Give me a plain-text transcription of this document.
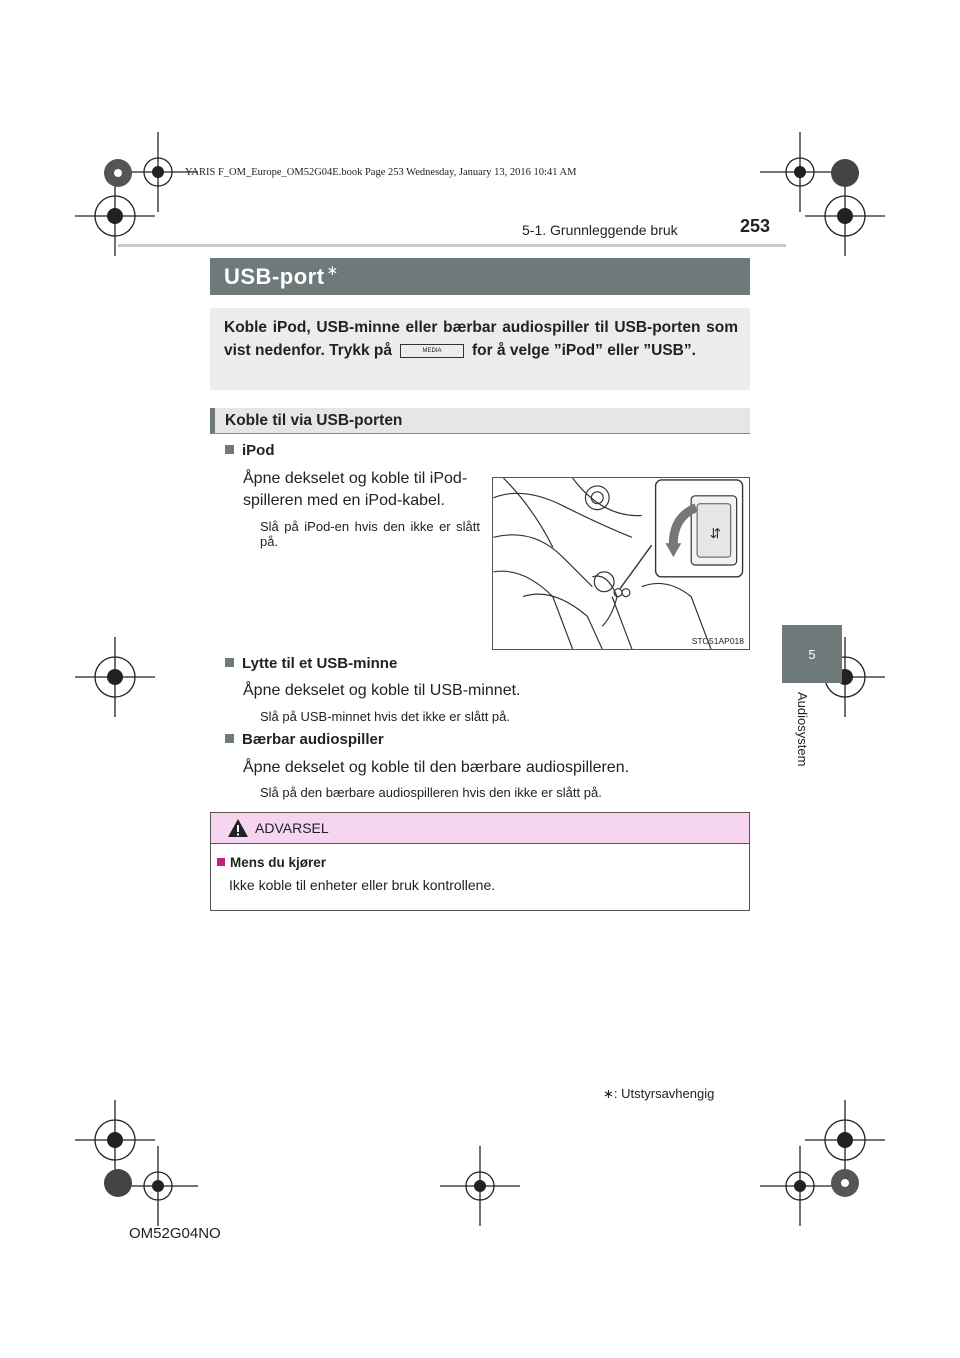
YARIS F_OM_Europe_OM52G04E.book Page 253 Wednesday, January 13, 2016 10:41 AM
5-1. Grunnleggende bruk	253
5
Audiosystem
USB-port∗
Koble iPod, USB-minne eller bærbar audiospiller til USB-porten som vist nedenfor. Trykk på	MEDIA for å velge ”iPod” eller ”USB”.
Koble til via USB-porten
iPod
Åpne dekselet og koble til iPod-spilleren med en iPod-kabel.
Slå på iPod-en hvis den ikke er slått på.
⇆
STO51AP018
Lytte til et USB-minne
Åpne dekselet og koble til USB-minnet.
Slå på USB-minnet hvis det ikke er slått på.
Bærbar audiospiller
Åpne dekselet og koble til den bærbare audiospilleren.
Slå på den bærbare audiospilleren hvis den ikke er slått på.
ADVARSEL
Mens du kjører
Ikke koble til enheter eller bruk kontrollene.
∗: Utstyrsavhengig
OM52G04NO
